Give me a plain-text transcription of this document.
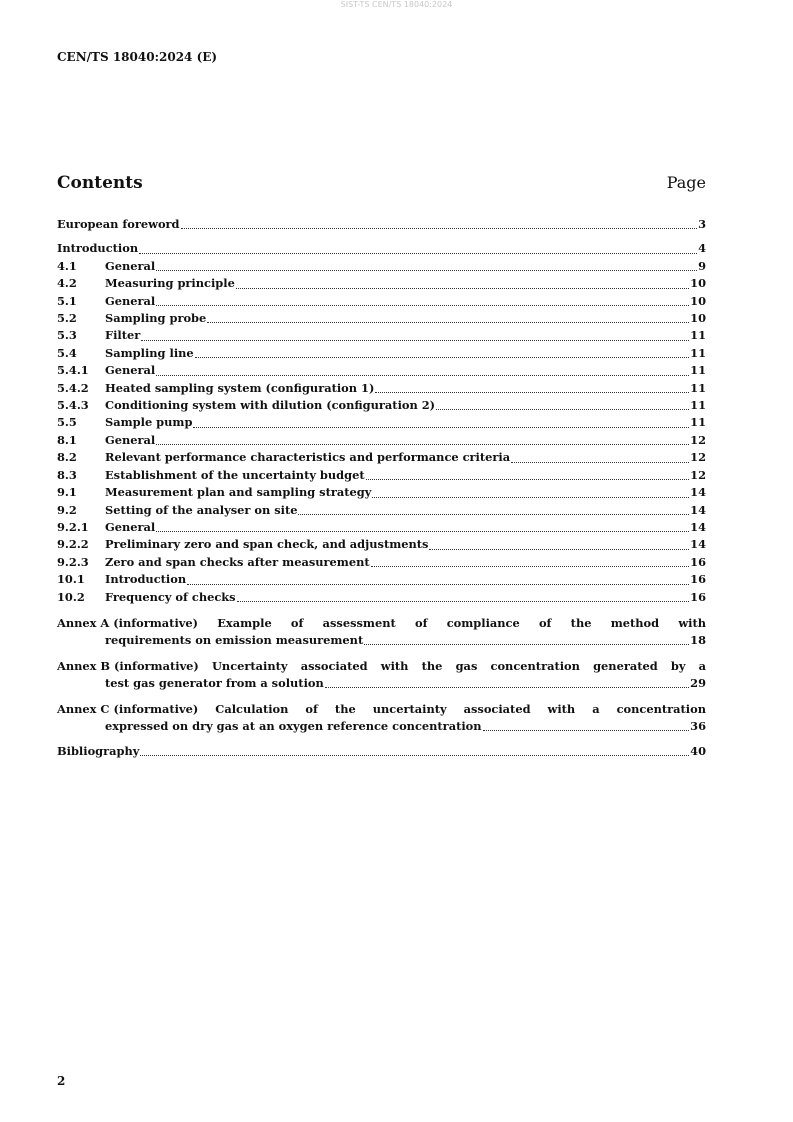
SIST-TS CEN/TS 18040:2024
CEN/TS 18040:2024 (E)
Contents	Page
European foreword	3
Introduction	4
4.1	General	9
4.2	Measuring principle	10
5.1	General	10
5.2	Sampling probe	10
5.3	Filter	11
5.4	Sampling line	11
5.4.1	General	11
5.4.2	Heated sampling system (configuration 1)	11
5.4.3	Conditioning system with dilution (configuration 2)	11
5.5	Sample pump	11
8.1	General	12
8.2	Relevant performance characteristics and performance criteria	12
8.3	Establishment of the uncertainty budget	12
9.1	Measurement plan and sampling strategy	14
9.2	Setting of the analyser on site	14
9.2.1	General	14
9.2.2	Preliminary zero and span check, and adjustments	14
9.2.3	Zero and span checks after measurement	16
10.1	Introduction	16
10.2	Frequency of checks	16
Annex A (informative) Example of assessment of compliance of the method with
requirements on emission measurement	18
Annex B (informative) Uncertainty associated with the gas concentration generated by a
test gas generator from a solution	29
Annex C (informative) Calculation of the uncertainty associated with a concentration
expressed on dry gas at an oxygen reference concentration	36
Bibliography	40
2
